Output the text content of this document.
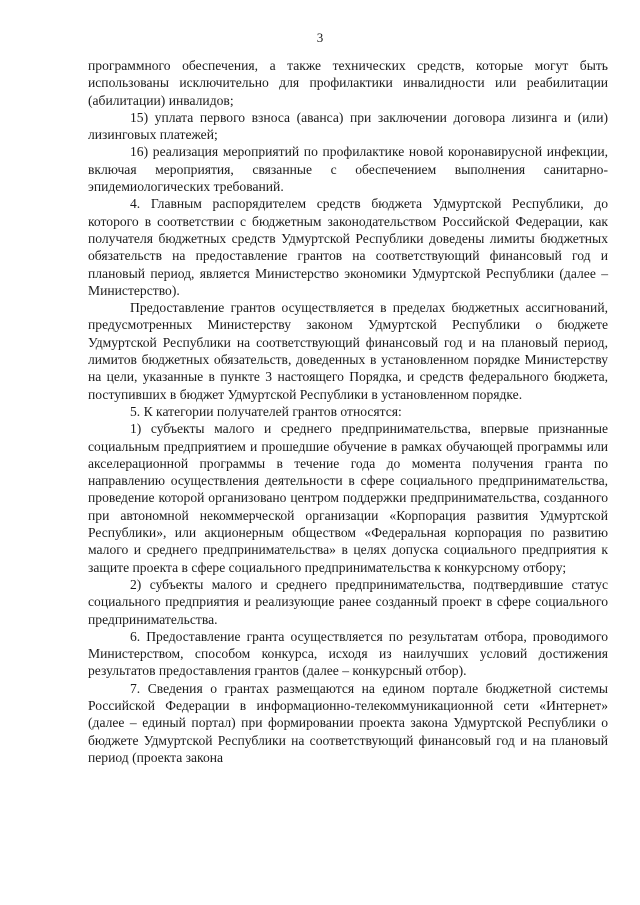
3

программного обеспечения, а также технических средств, которые могут быть использованы исключительно для профилактики инвалидности или реабилитации (абилитации) инвалидов;

15) уплата первого взноса (аванса) при заключении договора лизинга и (или) лизинговых платежей;

16) реализация мероприятий по профилактике новой коронавирусной инфекции, включая мероприятия, связанные с обеспечением выполнения санитарно-эпидемиологических требований.

4. Главным распорядителем средств бюджета Удмуртской Республики, до которого в соответствии с бюджетным законодательством Российской Федерации, как получателя бюджетных средств Удмуртской Республики доведены лимиты бюджетных обязательств на предоставление грантов на соответствующий финансовый год и плановый период, является Министерство экономики Удмуртской Республики (далее – Министерство).

Предоставление грантов осуществляется в пределах бюджетных ассигнований, предусмотренных Министерству законом Удмуртской Республики о бюджете Удмуртской Республики на соответствующий финансовый год и на плановый период, лимитов бюджетных обязательств, доведенных в установленном порядке Министерству на цели, указанные в пункте 3 настоящего Порядка, и средств федерального бюджета, поступивших в бюджет Удмуртской Республики в установленном порядке.

5. К категории получателей грантов относятся:

1) субъекты малого и среднего предпринимательства, впервые признанные социальным предприятием и прошедшие обучение в рамках обучающей программы или акселерационной программы в течение года до момента получения гранта по направлению осуществления деятельности в сфере социального предпринимательства, проведение которой организовано центром поддержки предпринимательства, созданного при автономной некоммерческой организации «Корпорация развития Удмуртской Республики», или акционерным обществом «Федеральная корпорация по развитию малого и среднего предпринимательства» в целях допуска социального предприятия к защите проекта в сфере социального предпринимательства к конкурсному отбору;

2) субъекты малого и среднего предпринимательства, подтвердившие статус социального предприятия и реализующие ранее созданный проект в сфере социального предпринимательства.

6. Предоставление гранта осуществляется по результатам отбора, проводимого Министерством, способом конкурса, исходя из наилучших условий достижения результатов предоставления грантов (далее – конкурсный отбор).

7. Сведения о грантах размещаются на едином портале бюджетной системы Российской Федерации в информационно-телекоммуникационной сети «Интернет» (далее – единый портал) при формировании проекта закона Удмуртской Республики о бюджете Удмуртской Республики на соответствующий финансовый год и на плановый период (проекта закона
